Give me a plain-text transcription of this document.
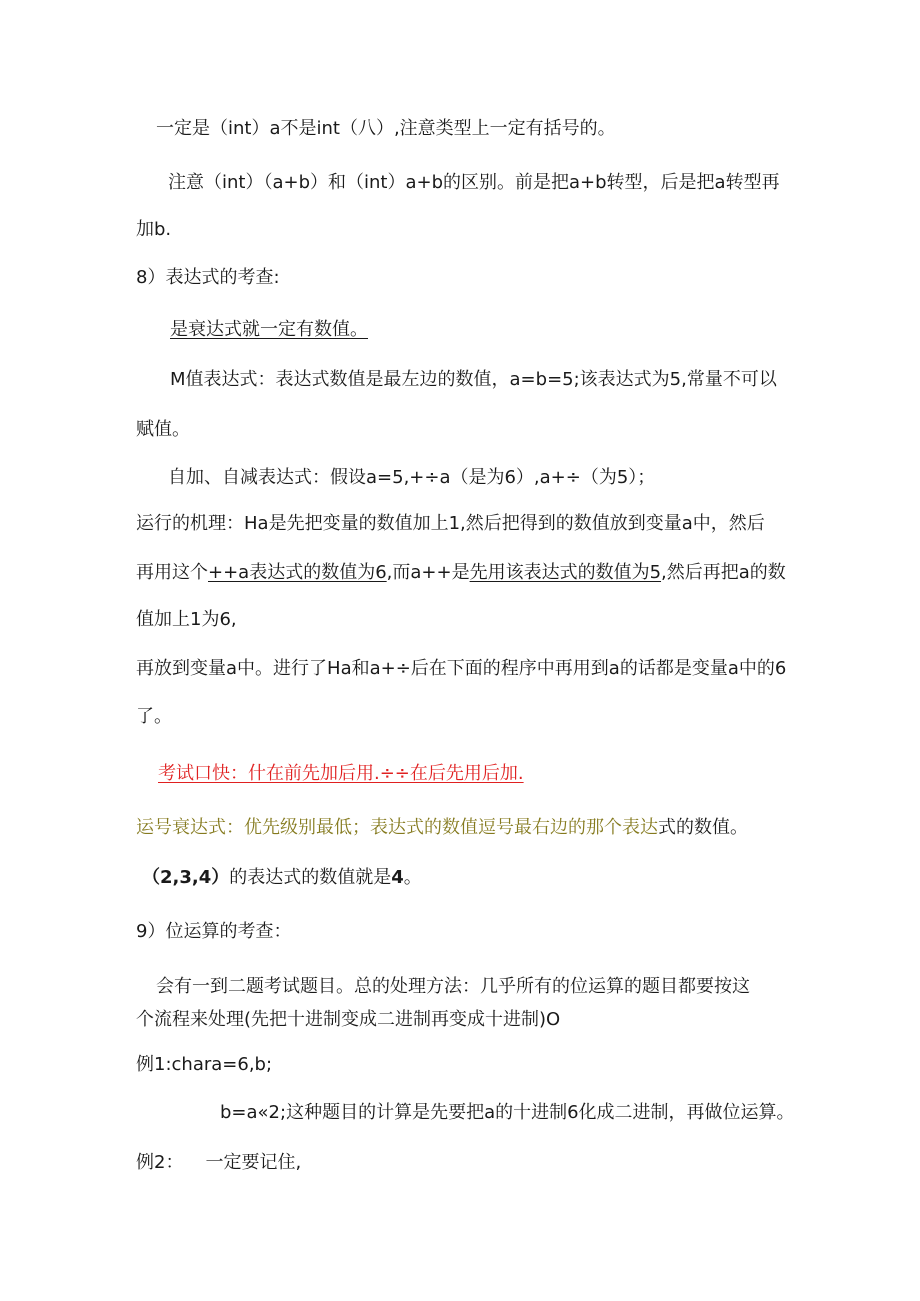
一定是（int）a不是int（八）,注意类型上一定有括号的。
注意（int）（a+b）和（int）a+b的区别。前是把a+b转型，后是把a转型再
加b.
8）表达式的考查:
是衰达式就一定有数值。
M值表达式：表达式数值是最左边的数值，a=b=5;该表达式为5,常量不可以
赋值。
自加、自减表达式：假设a=5,+÷a（是为6）,a+÷（为5）；
运行的机理：Ha是先把变量的数值加上1,然后把得到的数值放到变量a中，然后
再用这个++a表达式的数值为6,而a++是先用该表达式的数值为5,然后再把a的数
值加上1为6,
再放到变量a中。进行了Ha和a+÷后在下面的程序中再用到a的话都是变量a中的6
了。
考试口快：什在前先加后用.÷÷在后先用后加.
运号衰达式：优先级别最低；表达式的数值逗号最右边的那个表达式的数值。
（2,3,4）的表达式的数值就是4。
9）位运算的考查：
会有一到二题考试题目。总的处理方法：几乎所有的位运算的题目都要按这
个流程来处理(先把十进制变成二进制再变成十进制)O
例1:chara=6,b;
b=a«2;这种题目的计算是先要把a的十进制6化成二进制，再做位运算。
例2： 一定要记住,
